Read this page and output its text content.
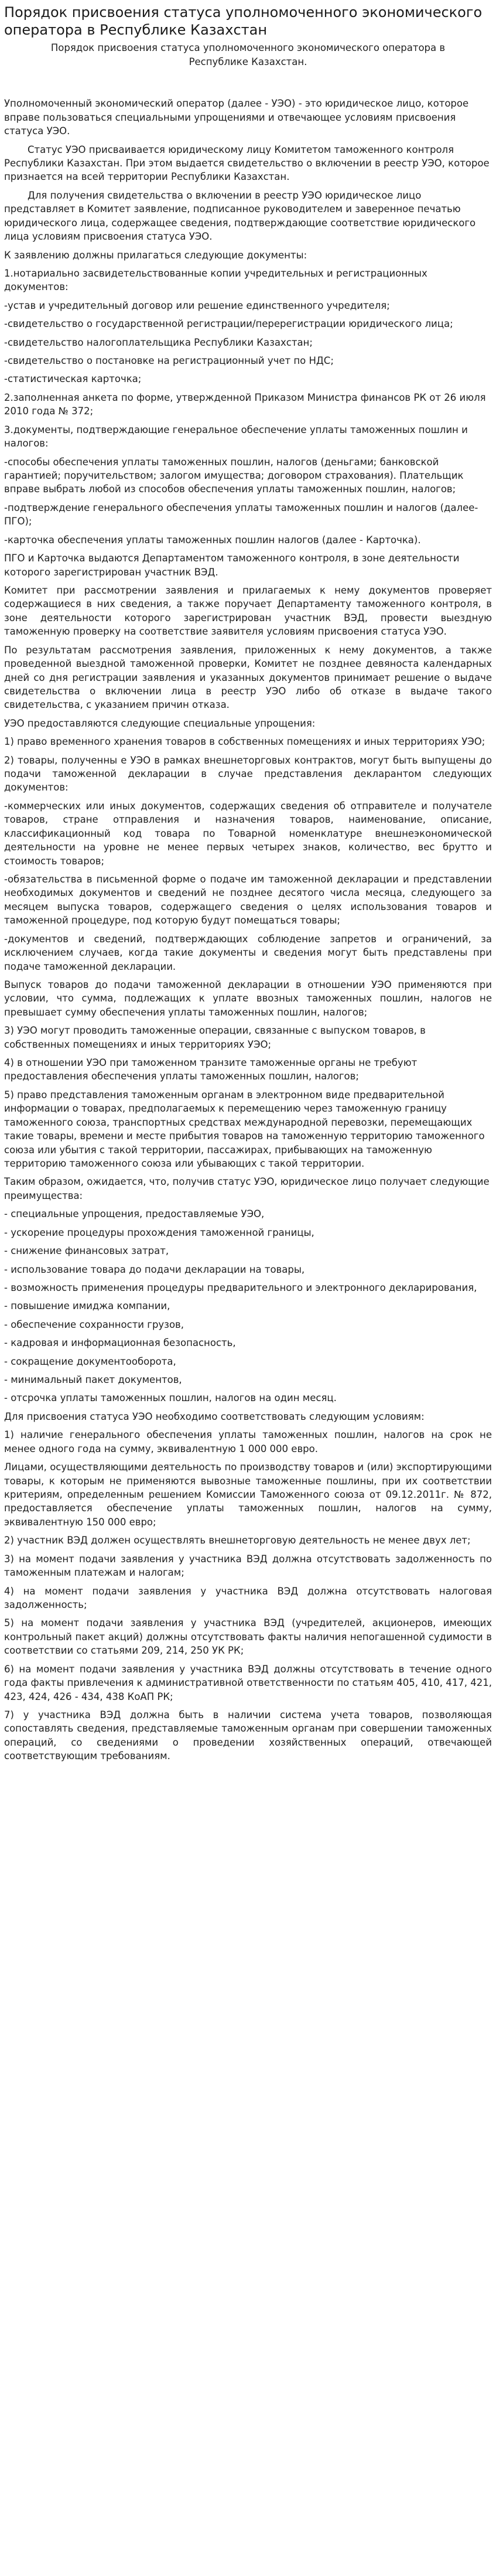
Порядок присвоения статуса уполномоченного экономического оператора в Республике Казахстан
Порядок присвоения статуса уполномоченного экономического оператора в Республике Казахстан.

Уполномоченный экономический оператор (далее - УЭО) - это юридическое лицо, которое вправе пользоваться специальными упрощениями и отвечающее условиям присвоения статуса УЭО.

Статус УЭО присваивается юридическому лицу Комитетом таможенного контроля Республики Казахстан. При этом выдается свидетельство о включении в реестр УЭО, которое признается на всей территории Республики Казахстан.

Для получения свидетельства о включении в реестр УЭО юридическое лицо представляет в Комитет заявление, подписанное руководителем и заверенное печатью юридического лица, содержащее сведения, подтверждающие соответствие юридического лица условиям присвоения статуса УЭО.

К заявлению должны прилагаться следующие документы:

1.нотариально засвидетельствованные копии учредительных и регистрационных документов:

-устав и учредительный договор или решение единственного учредителя;

-свидетельство о государственной регистрации/перерегистрации юридического лица;

-свидетельство налогоплательщика Республики Казахстан;

-свидетельство о постановке на регистрационный учет по НДС;

-статистическая карточка;

2.заполненная анкета по форме, утвержденной Приказом Министра финансов РК от 26 июля 2010 года № 372;

3.документы, подтверждающие генеральное обеспечение уплаты таможенных пошлин и налогов:

-способы обеспечения уплаты таможенных пошлин, налогов (деньгами; банковской гарантией; поручительством; залогом имущества; договором страхования). Плательщик вправе выбрать любой из способов обеспечения уплаты таможенных пошлин, налогов;

-подтверждение генерального обеспечения уплаты таможенных пошлин и налогов (далее-ПГО);

-карточка обеспечения уплаты таможенных пошлин налогов (далее - Карточка).

ПГО и Карточка выдаются Департаментом таможенного контроля, в зоне деятельности которого зарегистрирован участник ВЭД.

Комитет при рассмотрении заявления и прилагаемых к нему документов проверяет содержащиеся в них сведения, а также поручает Департаменту таможенного контроля, в зоне деятельности которого зарегистрирован участник ВЭД, провести выездную таможенную проверку на соответствие заявителя условиям присвоения статуса УЭО.

По результатам рассмотрения заявления, приложенных к нему документов, а также проведенной выездной таможенной проверки, Комитет не позднее девяноста календарных дней со дня регистрации заявления и указанных документов принимает решение о выдаче свидетельства о включении лица в реестр УЭО либо об отказе в выдаче такого свидетельства, с указанием причин отказа.

УЭО предоставляются следующие специальные упрощения:

1) право временного хранения товаров в собственных помещениях и иных территориях УЭО;

2) товары, полученны е УЭО в рамках внешнеторговых контрактов, могут быть выпущены до подачи таможенной декларации в случае представления декларантом следующих документов:

-коммерческих или иных документов, содержащих сведения об отправителе и получателе товаров, стране отправления и назначения товаров, наименование, описание, классификационный код товара по Товарной номенклатуре внешнеэкономической деятельности на уровне не менее первых четырех знаков, количество, вес брутто и стоимость товаров;

-обязательства в письменной форме о подаче им таможенной декларации и представлении необходимых документов и сведений не позднее десятого числа месяца, следующего за месяцем выпуска товаров, содержащего сведения о целях использования товаров и таможенной процедуре, под которую будут помещаться товары;

-документов и сведений, подтверждающих соблюдение запретов и ограничений, за исключением случаев, когда такие документы и сведения могут быть представлены при подаче таможенной декларации.

Выпуск товаров до подачи таможенной декларации в отношении УЭО применяются при условии, что сумма, подлежащих к уплате ввозных таможенных пошлин, налогов не превышает сумму обеспечения уплаты таможенных пошлин, налогов;

3) УЭО могут проводить таможенные операции, связанные с выпуском товаров, в собственных помещениях и иных территориях УЭО;

4) в отношении УЭО при таможенном транзите таможенные органы не требуют предоставления обеспечения уплаты таможенных пошлин, налогов;

5) право представления таможенным органам в электронном виде предварительной информации о товарах, предполагаемых к перемещению через таможенную границу таможенного союза, транспортных средствах международной перевозки, перемещающих такие товары, времени и месте прибытия товаров на таможенную территорию таможенного союза или убытия с такой территории, пассажирах, прибывающих на таможенную территорию таможенного союза или убывающих с такой территории.

Таким образом, ожидается, что, получив статус УЭО, юридическое лицо получает следующие преимущества:

- специальные упрощения, предоставляемые УЭО,

- ускорение процедуры прохождения таможенной границы,

- снижение финансовых затрат,

- использование товара до подачи декларации на товары,

- возможность применения процедуры предварительного и электронного декларирования,

- повышение имиджа компании,

- обеспечение сохранности грузов,

- кадровая и информационная безопасность,

- сокращение документооборота,

- минимальный пакет документов,

- отсрочка уплаты таможенных пошлин, налогов на один месяц.

Для присвоения статуса УЭО необходимо соответствовать следующим условиям:

1) наличие генерального обеспечения уплаты таможенных пошлин, налогов на срок не менее одного года на сумму, эквивалентную 1 000 000 евро.

Лицами, осуществляющими деятельность по производству товаров и (или) экспортирующими товары, к которым не применяются вывозные таможенные пошлины, при их соответствии критериям, определенным решением Комиссии Таможенного союза от 09.12.2011г. № 872, предоставляется обеспечение уплаты таможенных пошлин, налогов на сумму, эквивалентную 150 000 евро;

2) участник ВЭД должен осуществлять внешнеторговую деятельность не менее двух лет;

3) на момент подачи заявления у участника ВЭД должна отсутствовать задолженность по таможенным платежам и налогам;

4) на момент подачи заявления у участника ВЭД должна отсутствовать налоговая задолженность;

5) на момент подачи заявления у участника ВЭД (учредителей, акционеров, имеющих контрольный пакет акций) должны отсутствовать факты наличия непогашенной судимости в соответствии со статьями 209, 214, 250 УК РК;

6) на момент подачи заявления у участника ВЭД должны отсутствовать в течение одного года факты привлечения к административной ответственности по статьям 405, 410, 417, 421, 423, 424, 426 - 434, 438 КоАП РК;

7) у участника ВЭД должна быть в наличии система учета товаров, позволяющая сопоставлять сведения, представляемые таможенным органам при совершении таможенных операций, со сведениями о проведении хозяйственных операций, отвечающей соответствующим требованиям.
